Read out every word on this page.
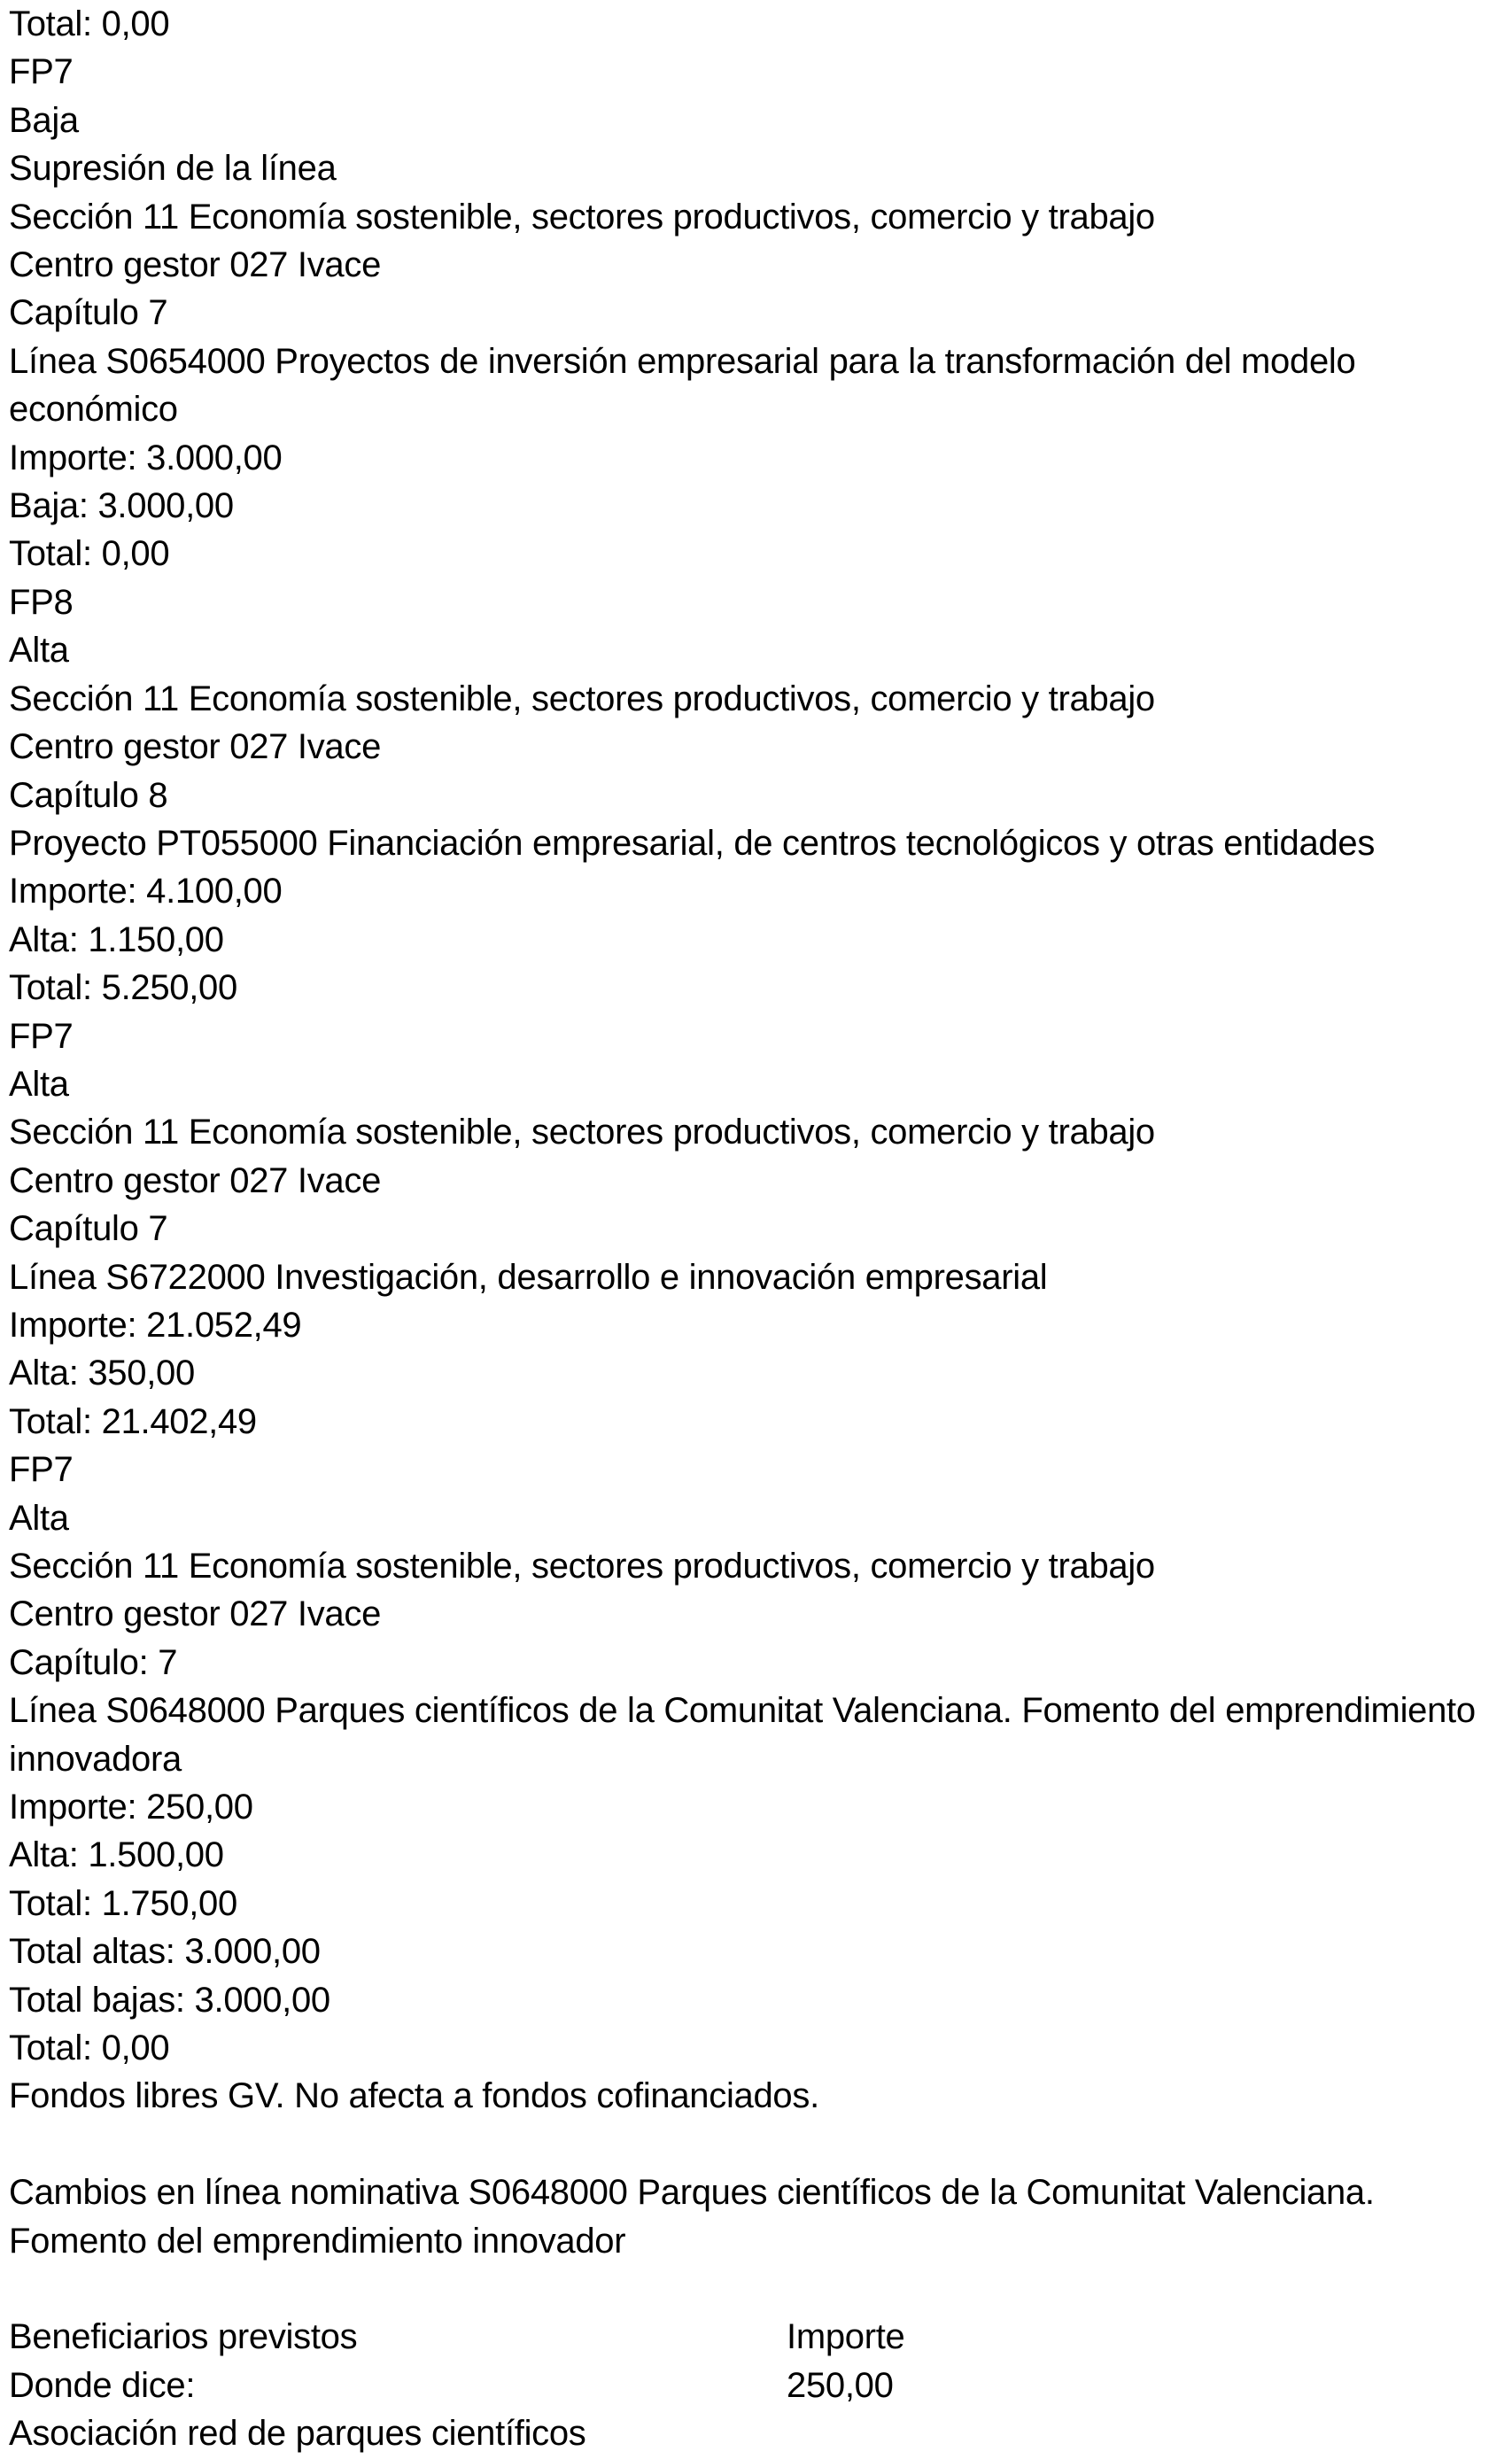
Total: 0,00
FP7
Baja
Supresión de la línea
Sección 11 Economía sostenible, sectores productivos, comercio y trabajo
Centro gestor 027 Ivace
Capítulo 7
Línea S0654000 Proyectos de inversión empresarial para la transformación del modelo
económico
Importe: 3.000,00
Baja: 3.000,00
Total: 0,00
FP8
Alta
Sección 11 Economía sostenible, sectores productivos, comercio y trabajo
Centro gestor 027 Ivace
Capítulo 8
Proyecto PT055000 Financiación empresarial, de centros tecnológicos y otras entidades
Importe: 4.100,00
Alta: 1.150,00
Total: 5.250,00
FP7
Alta
Sección 11 Economía sostenible, sectores productivos, comercio y trabajo
Centro gestor 027 Ivace
Capítulo 7
Línea S6722000 Investigación, desarrollo e innovación empresarial
Importe: 21.052,49
Alta: 350,00
Total: 21.402,49
FP7
Alta
Sección 11 Economía sostenible, sectores productivos, comercio y trabajo
Centro gestor 027 Ivace
Capítulo: 7
Línea S0648000 Parques científicos de la Comunitat Valenciana. Fomento del emprendimiento
innovadora
Importe: 250,00
Alta: 1.500,00
Total: 1.750,00
Total altas: 3.000,00
Total bajas: 3.000,00
Total: 0,00
Fondos libres GV. No afecta a fondos cofinanciados.
Cambios en línea nominativa S0648000 Parques científicos de la Comunitat Valenciana.
Fomento del emprendimiento innovador
Beneficiarios previstos	Importe
Donde dice:	250,00
Asociación red de parques científicos
